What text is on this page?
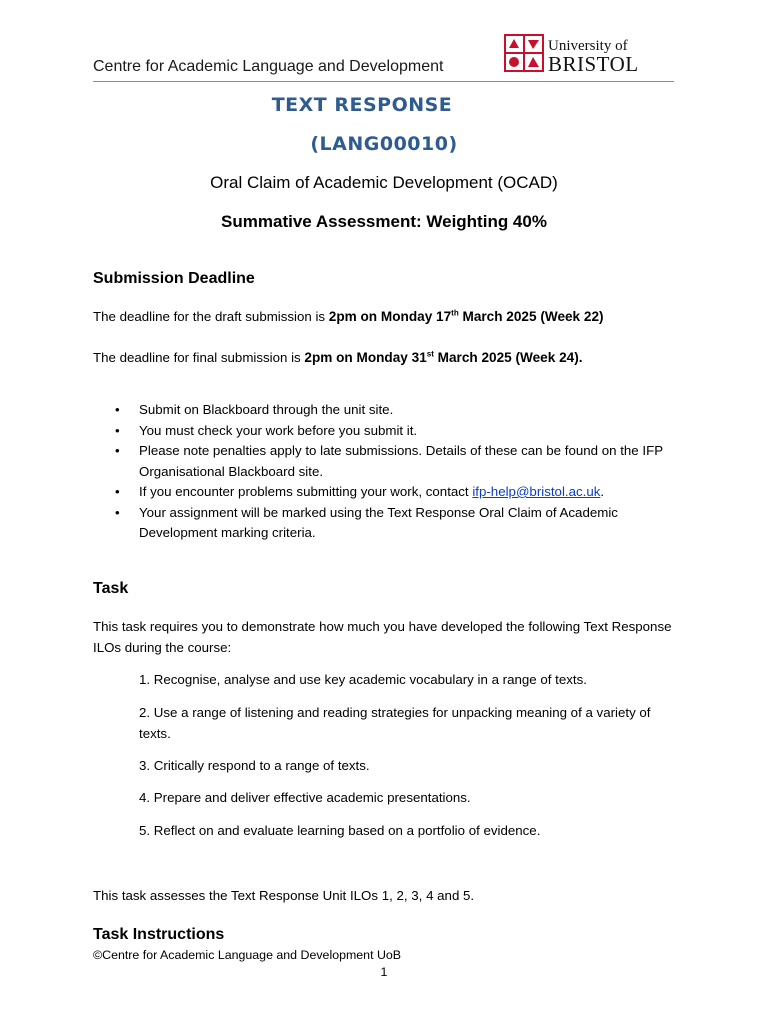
Centre for Academic Language and Development
University of
BRISTOL
TEXT RESPONSE
(LANG00010)
Oral Claim of Academic Development (OCAD)
Summative Assessment: Weighting 40%
Submission Deadline
The deadline for the draft submission is 2pm on Monday 17th March 2025 (Week 22)
The deadline for final submission is 2pm on Monday 31st March 2025 (Week 24).
• Submit on Blackboard through the unit site.
• You must check your work before you submit it.
• Please note penalties apply to late submissions. Details of these can be found on the IFP Organisational Blackboard site.
• If you encounter problems submitting your work, contact ifp-help@bristol.ac.uk.
• Your assignment will be marked using the Text Response Oral Claim of Academic Development marking criteria.
Task
This task requires you to demonstrate how much you have developed the following Text Response ILOs during the course:
1. Recognise, analyse and use key academic vocabulary in a range of texts.
2. Use a range of listening and reading strategies for unpacking meaning of a variety of texts.
3. Critically respond to a range of texts.
4. Prepare and deliver effective academic presentations.
5. Reflect on and evaluate learning based on a portfolio of evidence.
This task assesses the Text Response Unit ILOs 1, 2, 3, 4 and 5.
Task Instructions
©Centre for Academic Language and Development UoB
1
